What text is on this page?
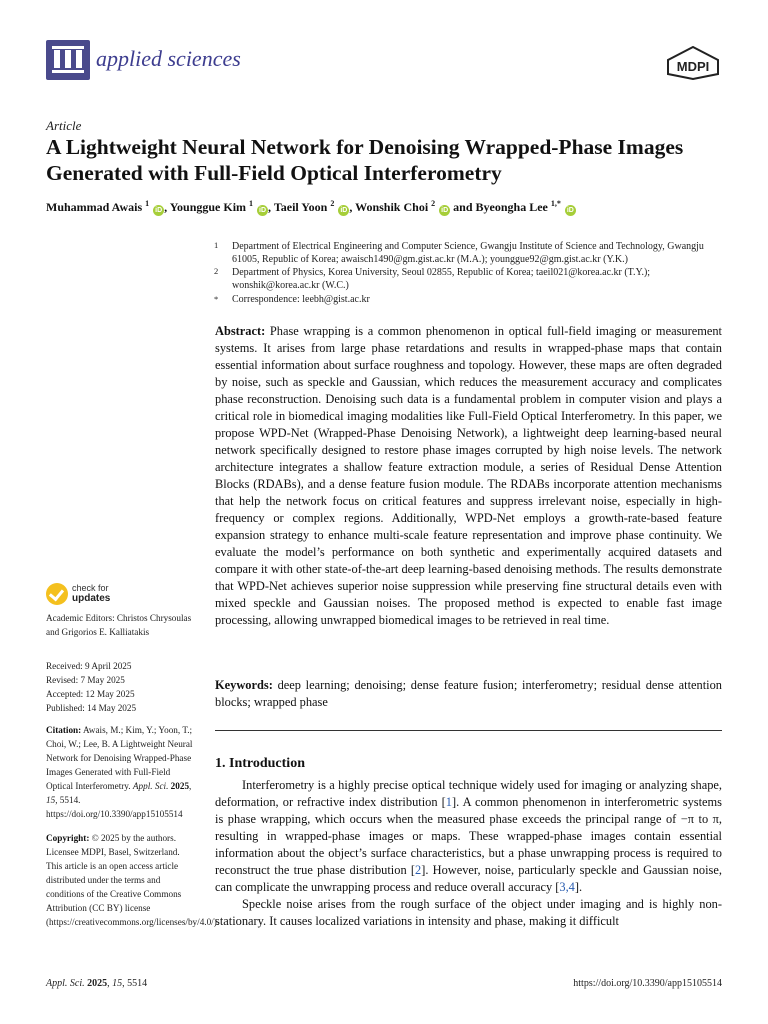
applied sciences	MDPI
Article
A Lightweight Neural Network for Denoising Wrapped-Phase Images Generated with Full-Field Optical Interferometry
Muhammad Awais $^1$ iD , Younggue Kim $^1$ iD , Taeil Yoon $^2$ iD , Wonshik Choi $^2$ iD and Byeongha Lee $^{1,*}$ iD
1 Department of Electrical Engineering and Computer Science, Gwangju Institute of Science and Technology, Gwangju 61005, Republic of Korea; awaisch1490@gm.gist.ac.kr (M.A.); younggue92@gm.gist.ac.kr (Y.K.)
2 Department of Physics, Korea University, Seoul 02855, Republic of Korea; taeil021@korea.ac.kr (T.Y.); wonshik@korea.ac.kr (W.C.)
* Correspondence: leebh@gist.ac.kr
Abstract: Phase wrapping is a common phenomenon in optical full-field imaging or measurement systems. It arises from large phase retardations and results in wrapped-phase maps that contain essential information about surface roughness and topology. However, these maps are often degraded by noise, such as speckle and Gaussian, which reduces the measurement accuracy and complicates phase reconstruction. Denoising such data is a fundamental problem in computer vision and plays a critical role in biomedical imaging modalities like Full-Field Optical Interferometry. In this paper, we propose WPD-Net (Wrapped-Phase Denoising Network), a lightweight deep learning-based neural network specifically designed to restore phase images corrupted by high noise levels. The network architecture integrates a shallow feature extraction module, a series of Residual Dense Attention Blocks (RDABs), and a dense feature fusion module. The RDABs incorporate attention mechanisms that help the network focus on critical features and suppress irrelevant noise, especially in high-frequency or complex regions. Additionally, WPD-Net employs a growth-rate-based feature expansion strategy to enhance multi-scale feature representation and improve phase continuity. We evaluate the model’s performance on both synthetic and experimentally acquired datasets and compare it with other state-of-the-art deep learning-based denoising methods. The results demonstrate that WPD-Net achieves superior noise suppression while preserving fine structural details even with mixed speckle and Gaussian noises. The proposed method is expected to enable fast image processing, allowing unwrapped biomedical images to be retrieved in real time.
Keywords: deep learning; denoising; dense feature fusion; interferometry; residual dense attention blocks; wrapped phase
1. Introduction

Interferometry is a highly precise optical technique widely used for imaging or analyzing shape, deformation, or refractive index distribution [1]. A common phenomenon in interferometric systems is phase wrapping, which occurs when the measured phase exceeds the principal range of −π to π, resulting in wrapped-phase images or maps. These wrapped-phase images contain essential information about the object’s surface characteristics, but a phase unwrapping process is required to reconstruct the true phase distribution [2]. However, noise, particularly speckle and Gaussian noise, can complicate the unwrapping process and reduce overall accuracy [3,4].

Speckle noise arises from the rough surface of the object under imaging and is highly non-stationary. It causes localized variations in intensity and phase, making it difficult

check for
updates
Academic Editors: Christos Chrysoulas and Grigorios E. Kalliatakis
Received: 9 April 2025
Revised: 7 May 2025
Accepted: 12 May 2025
Published: 14 May 2025
Citation: Awais, M.; Kim, Y.; Yoon, T.; Choi, W.; Lee, B. A Lightweight Neural Network for Denoising Wrapped-Phase Images Generated with Full-Field Optical Interferometry. Appl. Sci. 2025, 15, 5514. https://doi.org/10.3390/app15105514
Copyright: © 2025 by the authors. Licensee MDPI, Basel, Switzerland. This article is an open access article distributed under the terms and conditions of the Creative Commons Attribution (CC BY) license (https://creativecommons.org/licenses/by/4.0/).
Appl. Sci. 2025, 15, 5514	https://doi.org/10.3390/app15105514
